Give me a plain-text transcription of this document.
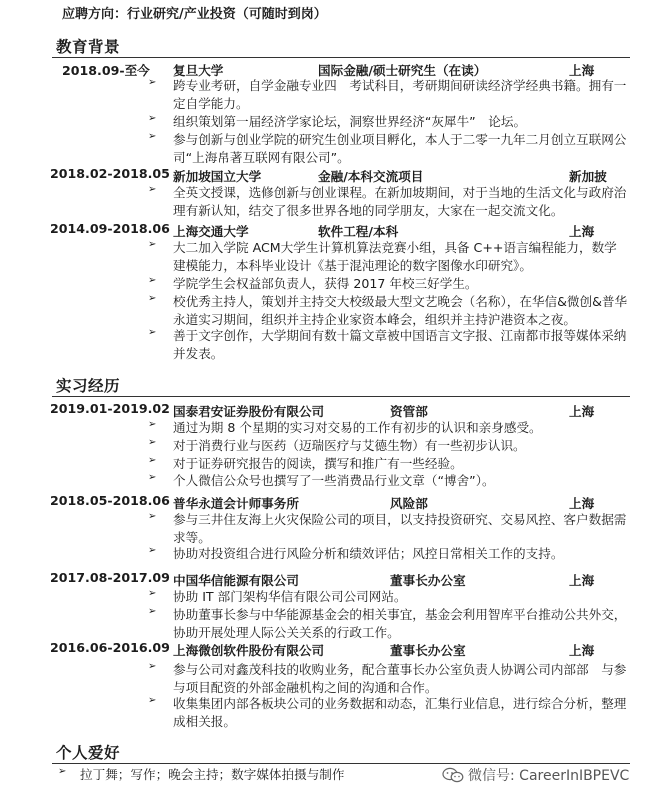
应聘方向：行业研究/产业投资（可随时到岗）
教育背景
2018.09-至今 复旦大学	国际金融/硕士研究生（在读）	上海
➢ 跨专业考研，自学金融专业四　考试科目，考研期间研读经济学经典书籍。拥有一定自学能力。
➢ 组织策划第一届经济学家论坛，洞察世界经济“灰犀牛”　论坛。
➢ 参与创新与创业学院的研究生创业项目孵化，本人于二零一九年二月创立互联网公司“上海帛著互联网有限公司”。
2018.02-2018.05 新加坡国立大学	金融/本科交流项目	新加披
➢ 全英文授课，选修创新与创业课程。在新加坡期间，对于当地的生活文化与政府治理有新认知，结交了很多世界各地的同学朋友，大家在一起交流文化。
2014.09-2018.06 上海交通大学	软件工程/本科	上海
➢ 大二加入学院 ACM大学生计算机算法竞赛小组，具备 C++语言编程能力，数学建模能力，本科毕业设计《基于混沌理论的数字图像水印研究》。
➢ 学院学生会权益部负责人，获得 2017 年校三好学生。
➢ 校优秀主持人，策划并主持交大校级最大型文艺晚会（名称），在华信&微创&普华永道实习期间，组织并主持企业家资本峰会，组织并主持沪港资本之夜。
➢ 善于文字创作，大学期间有数十篇文章被中国语言文字报、江南都市报等媒体采纳并发表。
实习经历
2019.01-2019.02 国泰君安证券股份有限公司	资管部	上海
➢ 通过为期 8 个星期的实习对交易的工作有初步的认识和亲身感受。
➢ 对于消费行业与医药（迈瑞医疗与艾德生物）有一些初步认识。
➢ 对于证券研究报告的阅读，撰写和推广有一些经验。
➢ 个人微信公众号也撰写了一些消费品行业文章（“博舍”）。
2018.05-2018.06 普华永道会计师事务所	风险部	上海
➢ 参与三井住友海上火灾保险公司的项目，以支持投资研究、交易风控、客户数据需求等。
➢ 协助对投资组合进行风险分析和绩效评估；风控日常相关工作的支持。
2017.08-2017.09 中国华信能源有限公司	董事长办公室	上海
➢ 协助 IT 部门架构华信有限公司公司网站。
➢ 协助董事长参与中华能源基金会的相关事宜，基金会利用智库平台推动公共外交，协助开展处理人际公关关系的行政工作。
2016.06-2016.09 上海微创软件股份有限公司	董事长办公室	上海
➢ 参与公司对鑫茂科技的收购业务，配合董事长办公室负责人协调公司内部部　与参与项目配资的外部金融机构之间的沟通和合作。
➢ 收集集团内部各板块公司的业务数据和动态，汇集行业信息，进行综合分析，整理成相关报。
个人爱好
➢ 拉丁舞；写作；晚会主持；数字媒体拍摄与制作	微信号: CareerInIBPEVC
